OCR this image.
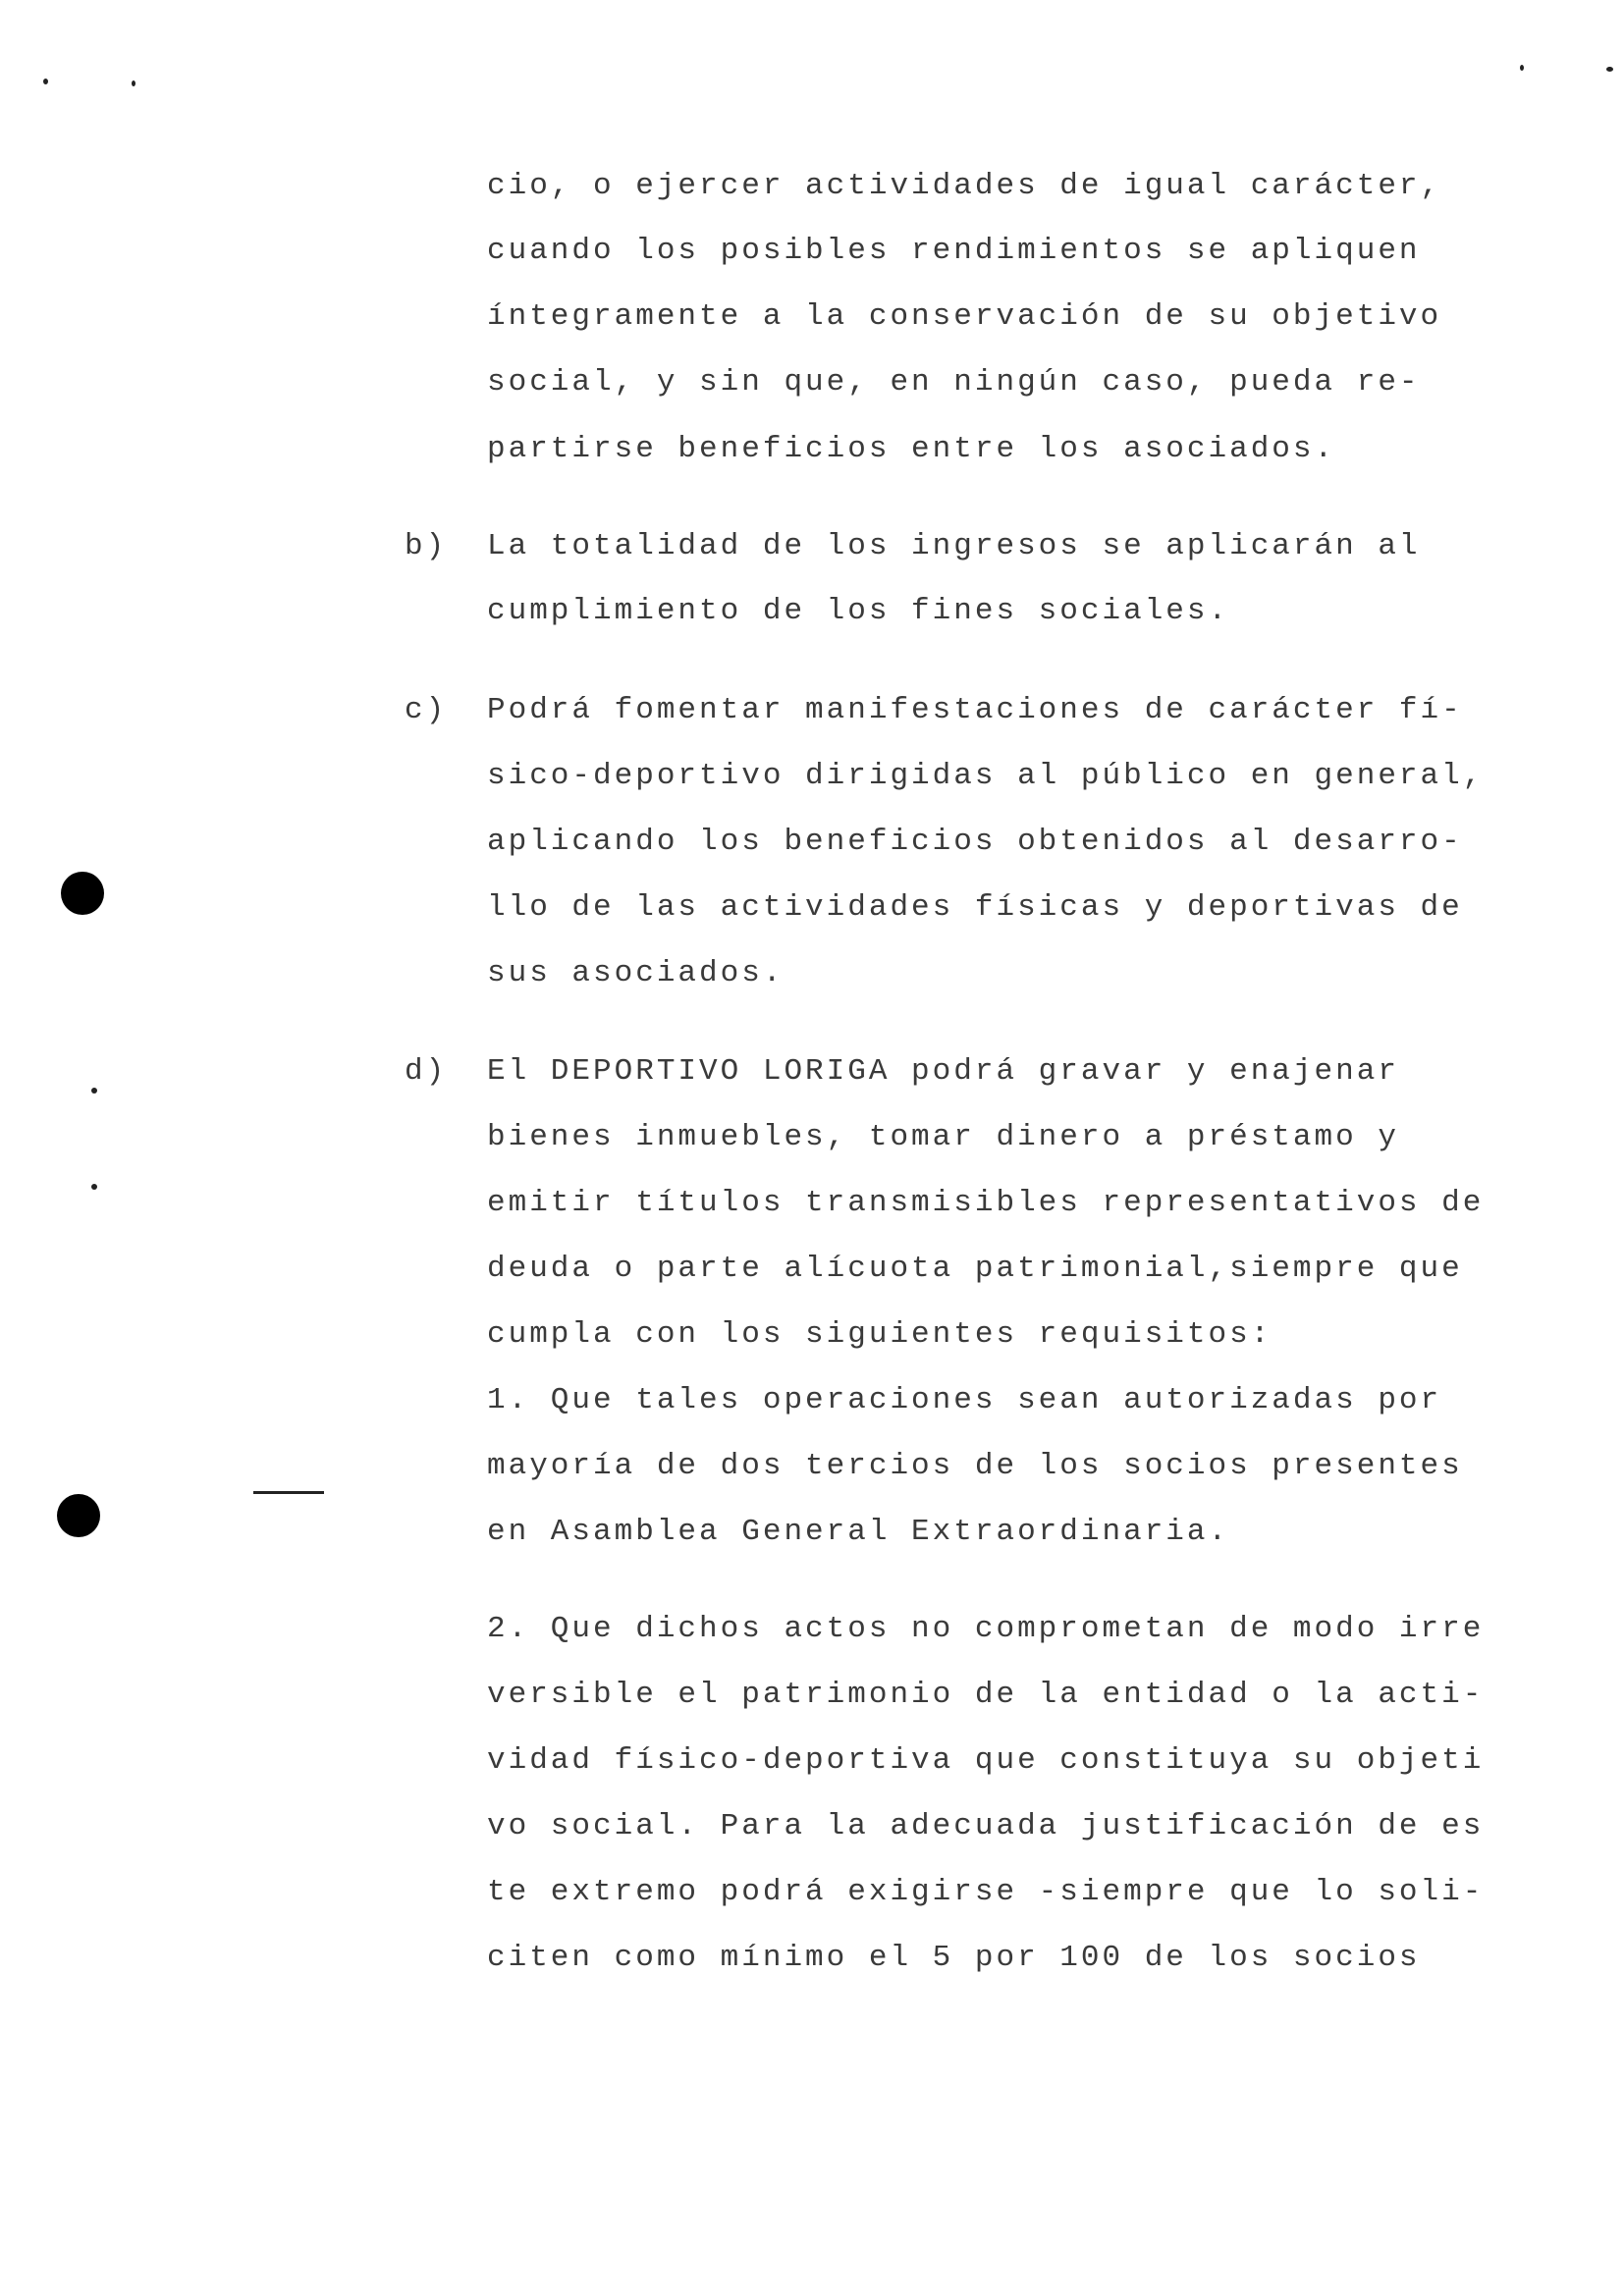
cio, o ejercer actividades de igual carácter,
cuando los posibles rendimientos se apliquen
íntegramente a la conservación de su objetivo
social, y sin que, en ningún caso, pueda re-
partirse beneficios entre los asociados.
b) La totalidad de los ingresos se aplicarán al
cumplimiento de los fines sociales.
c) Podrá fomentar manifestaciones de carácter fí-
sico-deportivo dirigidas al público en general,
aplicando los beneficios obtenidos al desarro-
llo de las actividades físicas y deportivas de
sus asociados.
d) El DEPORTIVO LORIGA podrá gravar y enajenar
bienes inmuebles, tomar dinero a préstamo y
emitir títulos transmisibles representativos de
deuda o parte alícuota patrimonial,siempre que
cumpla con los siguientes requisitos:
1. Que tales operaciones sean autorizadas por
mayoría de dos tercios de los socios presentes
en Asamblea General Extraordinaria.
2. Que dichos actos no comprometan de modo irre
versible el patrimonio de la entidad o la acti-
vidad físico-deportiva que constituya su objeti
vo social. Para la adecuada justificación de es
te extremo podrá exigirse -siempre que lo soli-
citen como mínimo el 5 por 100 de los socios
